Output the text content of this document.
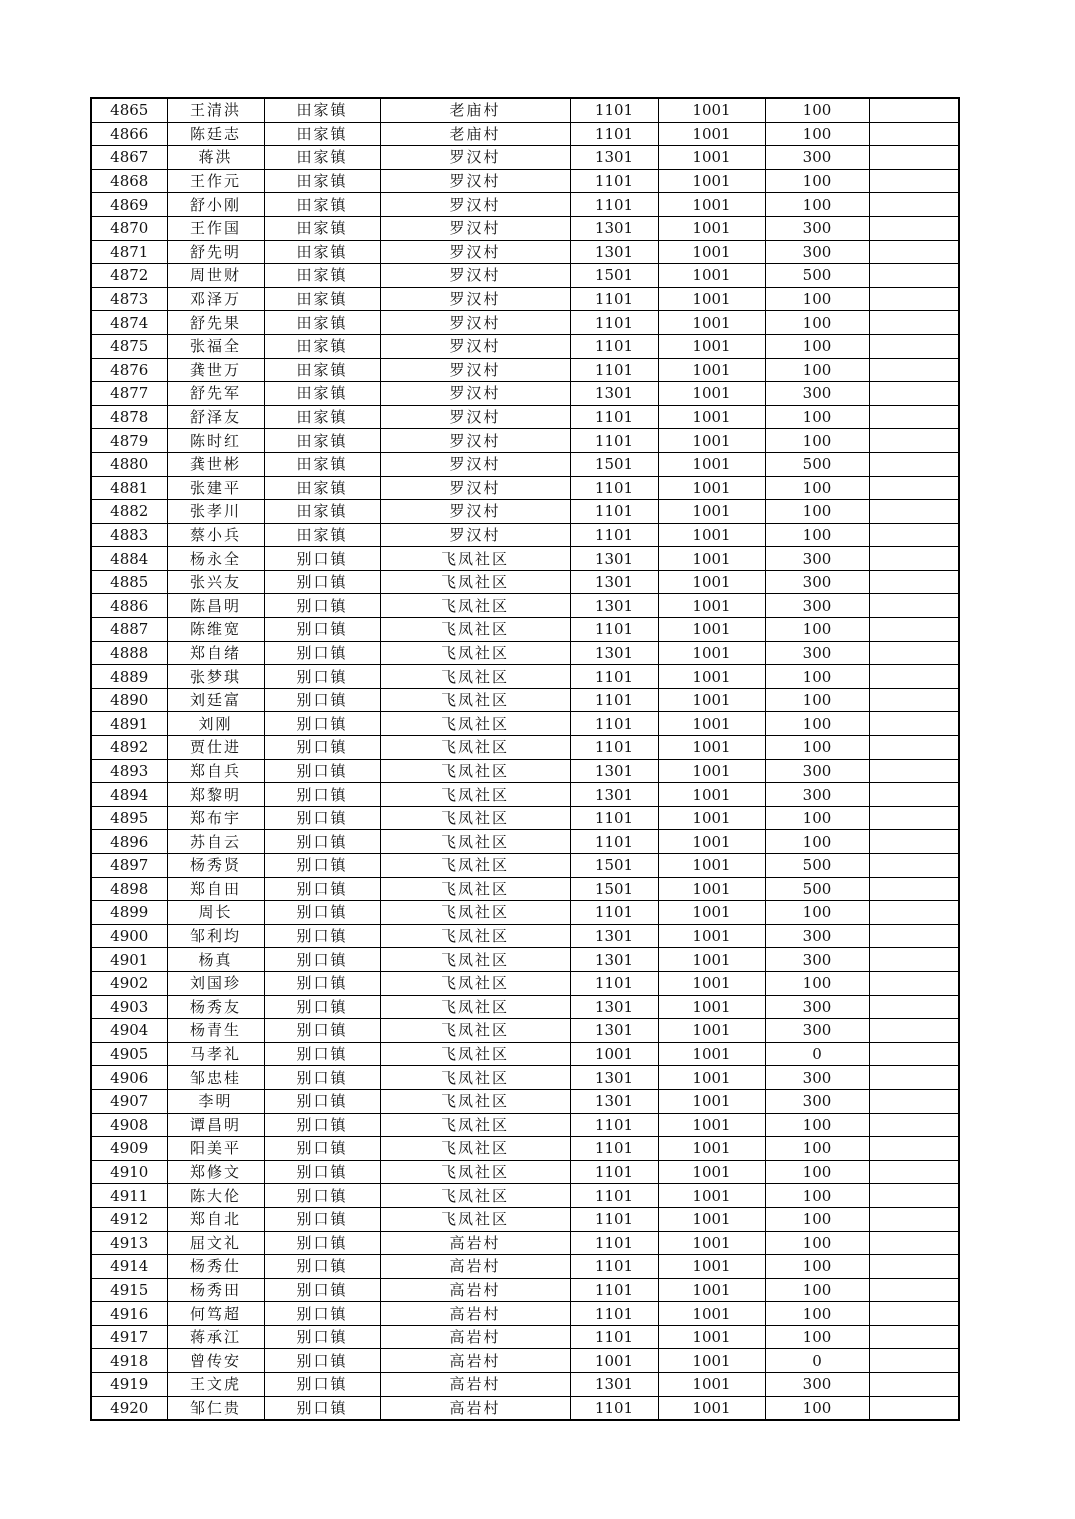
4865	王清洪	田家镇	老庙村	1101	1001	100	
4866	陈廷志	田家镇	老庙村	1101	1001	100	
4867	蒋洪	田家镇	罗汉村	1301	1001	300	
4868	王作元	田家镇	罗汉村	1101	1001	100	
4869	舒小刚	田家镇	罗汉村	1101	1001	100	
4870	王作国	田家镇	罗汉村	1301	1001	300	
4871	舒先明	田家镇	罗汉村	1301	1001	300	
4872	周世财	田家镇	罗汉村	1501	1001	500	
4873	邓泽万	田家镇	罗汉村	1101	1001	100	
4874	舒先果	田家镇	罗汉村	1101	1001	100	
4875	张福全	田家镇	罗汉村	1101	1001	100	
4876	龚世万	田家镇	罗汉村	1101	1001	100	
4877	舒先军	田家镇	罗汉村	1301	1001	300	
4878	舒泽友	田家镇	罗汉村	1101	1001	100	
4879	陈时红	田家镇	罗汉村	1101	1001	100	
4880	龚世彬	田家镇	罗汉村	1501	1001	500	
4881	张建平	田家镇	罗汉村	1101	1001	100	
4882	张孝川	田家镇	罗汉村	1101	1001	100	
4883	蔡小兵	田家镇	罗汉村	1101	1001	100	
4884	杨永全	别口镇	飞凤社区	1301	1001	300	
4885	张兴友	别口镇	飞凤社区	1301	1001	300	
4886	陈昌明	别口镇	飞凤社区	1301	1001	300	
4887	陈维宽	别口镇	飞凤社区	1101	1001	100	
4888	郑自绪	别口镇	飞凤社区	1301	1001	300	
4889	张梦琪	别口镇	飞凤社区	1101	1001	100	
4890	刘廷富	别口镇	飞凤社区	1101	1001	100	
4891	刘刚	别口镇	飞凤社区	1101	1001	100	
4892	贾仕进	别口镇	飞凤社区	1101	1001	100	
4893	郑自兵	别口镇	飞凤社区	1301	1001	300	
4894	郑黎明	别口镇	飞凤社区	1301	1001	300	
4895	郑布宇	别口镇	飞凤社区	1101	1001	100	
4896	苏自云	别口镇	飞凤社区	1101	1001	100	
4897	杨秀贤	别口镇	飞凤社区	1501	1001	500	
4898	郑自田	别口镇	飞凤社区	1501	1001	500	
4899	周长	别口镇	飞凤社区	1101	1001	100	
4900	邹利均	别口镇	飞凤社区	1301	1001	300	
4901	杨真	别口镇	飞凤社区	1301	1001	300	
4902	刘国珍	别口镇	飞凤社区	1101	1001	100	
4903	杨秀友	别口镇	飞凤社区	1301	1001	300	
4904	杨青生	别口镇	飞凤社区	1301	1001	300	
4905	马孝礼	别口镇	飞凤社区	1001	1001	0	
4906	邹忠桂	别口镇	飞凤社区	1301	1001	300	
4907	李明	别口镇	飞凤社区	1301	1001	300	
4908	谭昌明	别口镇	飞凤社区	1101	1001	100	
4909	阳美平	别口镇	飞凤社区	1101	1001	100	
4910	郑修文	别口镇	飞凤社区	1101	1001	100	
4911	陈大伦	别口镇	飞凤社区	1101	1001	100	
4912	郑自北	别口镇	飞凤社区	1101	1001	100	
4913	屈文礼	别口镇	高岩村	1101	1001	100	
4914	杨秀仕	别口镇	高岩村	1101	1001	100	
4915	杨秀田	别口镇	高岩村	1101	1001	100	
4916	何笃超	别口镇	高岩村	1101	1001	100	
4917	蒋承江	别口镇	高岩村	1101	1001	100	
4918	曾传安	别口镇	高岩村	1001	1001	0	
4919	王文虎	别口镇	高岩村	1301	1001	300	
4920	邹仁贵	别口镇	高岩村	1101	1001	100	
